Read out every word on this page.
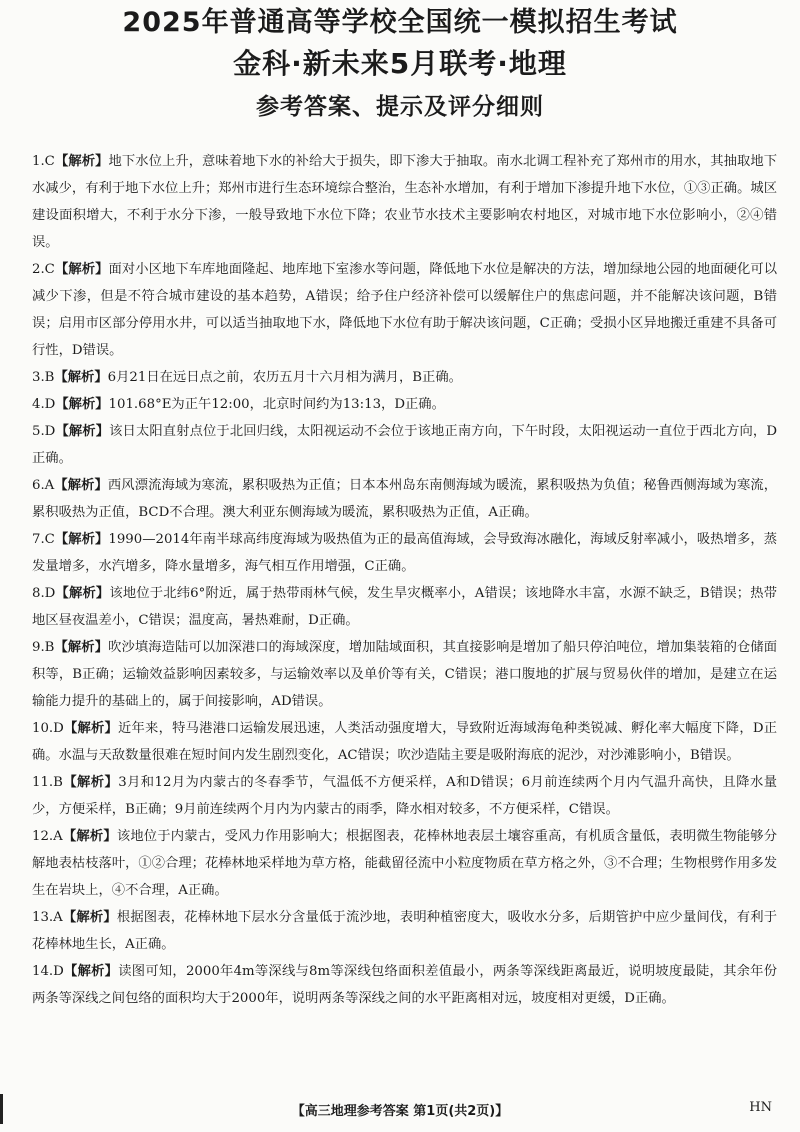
2025年普通高等学校全国统一模拟招生考试
金科·新未来5月联考·地理
参考答案、提示及评分细则

1.C【解析】地下水位上升，意味着地下水的补给大于损失，即下渗大于抽取。南水北调工程补充了郑州市的用水，其抽取地下水减少，有利于地下水位上升；郑州市进行生态环境综合整治，生态补水增加，有利于增加下渗提升地下水位，①③正确。城区建设面积增大，不利于水分下渗，一般导致地下水位下降；农业节水技术主要影响农村地区，对城市地下水位影响小，②④错误。

2.C【解析】面对小区地下车库地面隆起、地库地下室渗水等问题，降低地下水位是解决的方法，增加绿地公园的地面硬化可以减少下渗，但是不符合城市建设的基本趋势，A错误；给予住户经济补偿可以缓解住户的焦虑问题，并不能解决该问题，B错误；启用市区部分停用水井，可以适当抽取地下水，降低地下水位有助于解决该问题，C正确；受损小区异地搬迁重建不具备可行性，D错误。

3.B【解析】6月21日在远日点之前，农历五月十六月相为满月，B正确。

4.D【解析】101.68°E为正午12:00，北京时间约为13:13，D正确。

5.D【解析】该日太阳直射点位于北回归线，太阳视运动不会位于该地正南方向，下午时段，太阳视运动一直位于西北方向，D正确。

6.A【解析】西风漂流海域为寒流，累积吸热为正值；日本本州岛东南侧海域为暖流，累积吸热为负值；秘鲁西侧海域为寒流，累积吸热为正值，BCD不合理。澳大利亚东侧海域为暖流，累积吸热为正值，A正确。

7.C【解析】1990—2014年南半球高纬度海域为吸热值为正的最高值海域，会导致海冰融化，海域反射率减小，吸热增多，蒸发量增多，水汽增多，降水量增多，海气相互作用增强，C正确。

8.D【解析】该地位于北纬6°附近，属于热带雨林气候，发生旱灾概率小，A错误；该地降水丰富，水源不缺乏，B错误；热带地区昼夜温差小，C错误；温度高，暑热难耐，D正确。

9.B【解析】吹沙填海造陆可以加深港口的海域深度，增加陆域面积，其直接影响是增加了船只停泊吨位，增加集装箱的仓储面积等，B正确；运输效益影响因素较多，与运输效率以及单价等有关，C错误；港口腹地的扩展与贸易伙伴的增加，是建立在运输能力提升的基础上的，属于间接影响，AD错误。

10.D【解析】近年来，特马港港口运输发展迅速，人类活动强度增大，导致附近海域海龟种类锐减、孵化率大幅度下降，D正确。水温与天敌数量很难在短时间内发生剧烈变化，AC错误；吹沙造陆主要是吸附海底的泥沙，对沙滩影响小，B错误。

11.B【解析】3月和12月为内蒙古的冬春季节，气温低不方便采样，A和D错误；6月前连续两个月内气温升高快，且降水量少，方便采样，B正确；9月前连续两个月内为内蒙古的雨季，降水相对较多，不方便采样，C错误。

12.A【解析】该地位于内蒙古，受风力作用影响大；根据图表，花棒林地表层土壤容重高，有机质含量低，表明微生物能够分解地表枯枝落叶，①②合理；花棒林地采样地为草方格，能截留径流中小粒度物质在草方格之外，③不合理；生物根劈作用多发生在岩块上，④不合理，A正确。

13.A【解析】根据图表，花棒林地下层水分含量低于流沙地，表明种植密度大，吸收水分多，后期管护中应少量间伐，有利于花棒林地生长，A正确。

14.D【解析】读图可知，2000年4m等深线与8m等深线包络面积差值最小，两条等深线距离最近，说明坡度最陡，其余年份两条等深线之间包络的面积均大于2000年，说明两条等深线之间的水平距离相对远，坡度相对更缓，D正确。

【高三地理参考答案 第1页(共2页)】	HN
